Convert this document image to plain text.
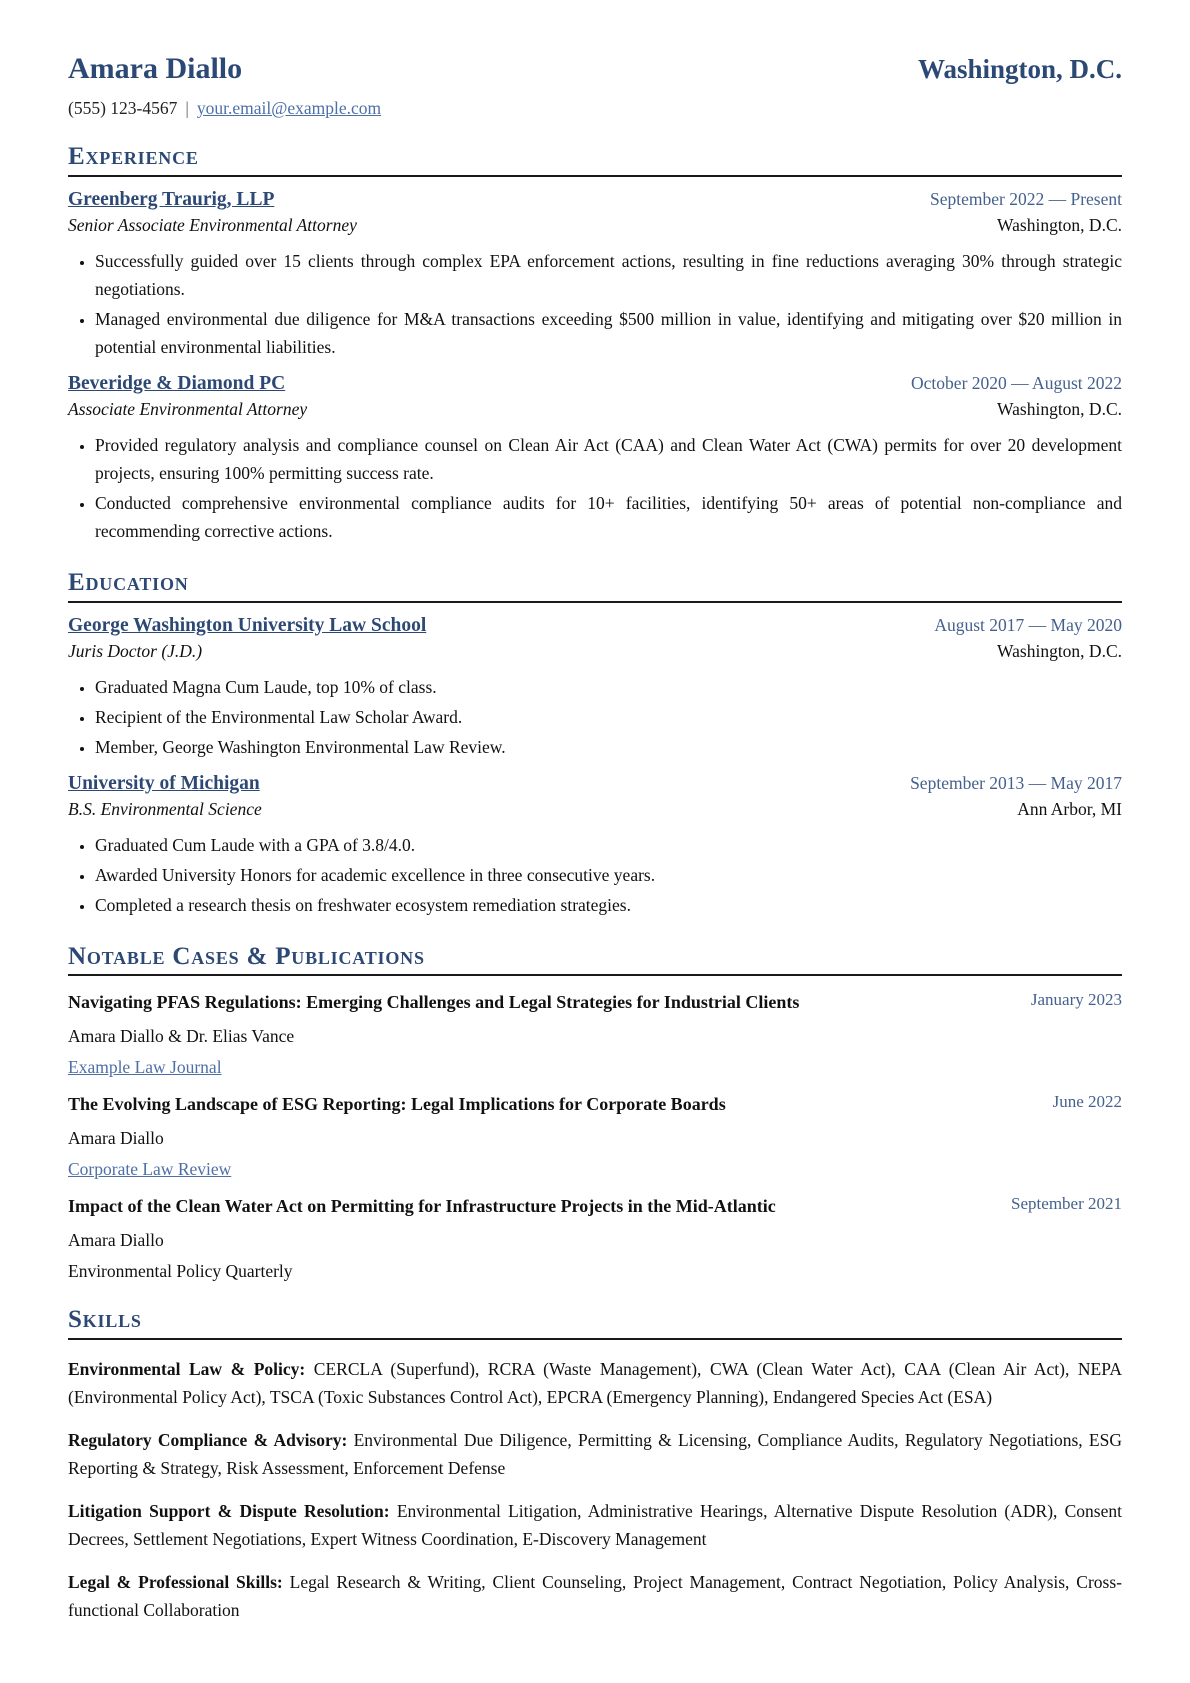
Amara Diallo	Washington, D.C.
(555) 123-4567 | your.email@example.com
Experience
Greenberg Traurig, LLP	September 2022 — Present
Senior Associate Environmental Attorney	Washington, D.C.
• Successfully guided over 15 clients through complex EPA enforcement actions, resulting in fine reductions averaging 30% through strategic negotiations.
• Managed environmental due diligence for M&A transactions exceeding $500 million in value, identifying and mitigating over $20 million in potential environmental liabilities.
Beveridge & Diamond PC	October 2020 — August 2022
Associate Environmental Attorney	Washington, D.C.
• Provided regulatory analysis and compliance counsel on Clean Air Act (CAA) and Clean Water Act (CWA) permits for over 20 development projects, ensuring 100% permitting success rate.
• Conducted comprehensive environmental compliance audits for 10+ facilities, identifying 50+ areas of potential non-compliance and recommending corrective actions.
Education
George Washington University Law School	August 2017 — May 2020
Juris Doctor (J.D.)	Washington, D.C.
• Graduated Magna Cum Laude, top 10% of class.
• Recipient of the Environmental Law Scholar Award.
• Member, George Washington Environmental Law Review.
University of Michigan	September 2013 — May 2017
B.S. Environmental Science	Ann Arbor, MI
• Graduated Cum Laude with a GPA of 3.8/4.0.
• Awarded University Honors for academic excellence in three consecutive years.
• Completed a research thesis on freshwater ecosystem remediation strategies.
Notable Cases & Publications
Navigating PFAS Regulations: Emerging Challenges and Legal Strategies for Industrial Clients	January 2023
Amara Diallo & Dr. Elias Vance
Example Law Journal
The Evolving Landscape of ESG Reporting: Legal Implications for Corporate Boards	June 2022
Amara Diallo
Corporate Law Review
Impact of the Clean Water Act on Permitting for Infrastructure Projects in the Mid-Atlantic	September 2021
Amara Diallo
Environmental Policy Quarterly
Skills

Environmental Law & Policy: CERCLA (Superfund), RCRA (Waste Management), CWA (Clean Water Act), CAA (Clean Air Act), NEPA (Environmental Policy Act), TSCA (Toxic Substances Control Act), EPCRA (Emergency Planning), Endangered Species Act (ESA)

Regulatory Compliance & Advisory: Environmental Due Diligence, Permitting & Licensing, Compliance Audits, Regulatory Negotiations, ESG Reporting & Strategy, Risk Assessment, Enforcement Defense

Litigation Support & Dispute Resolution: Environmental Litigation, Administrative Hearings, Alternative Dispute Resolution (ADR), Consent Decrees, Settlement Negotiations, Expert Witness Coordination, E-Discovery Management

Legal & Professional Skills: Legal Research & Writing, Client Counseling, Project Management, Contract Negotiation, Policy Analysis, Cross-functional Collaboration
